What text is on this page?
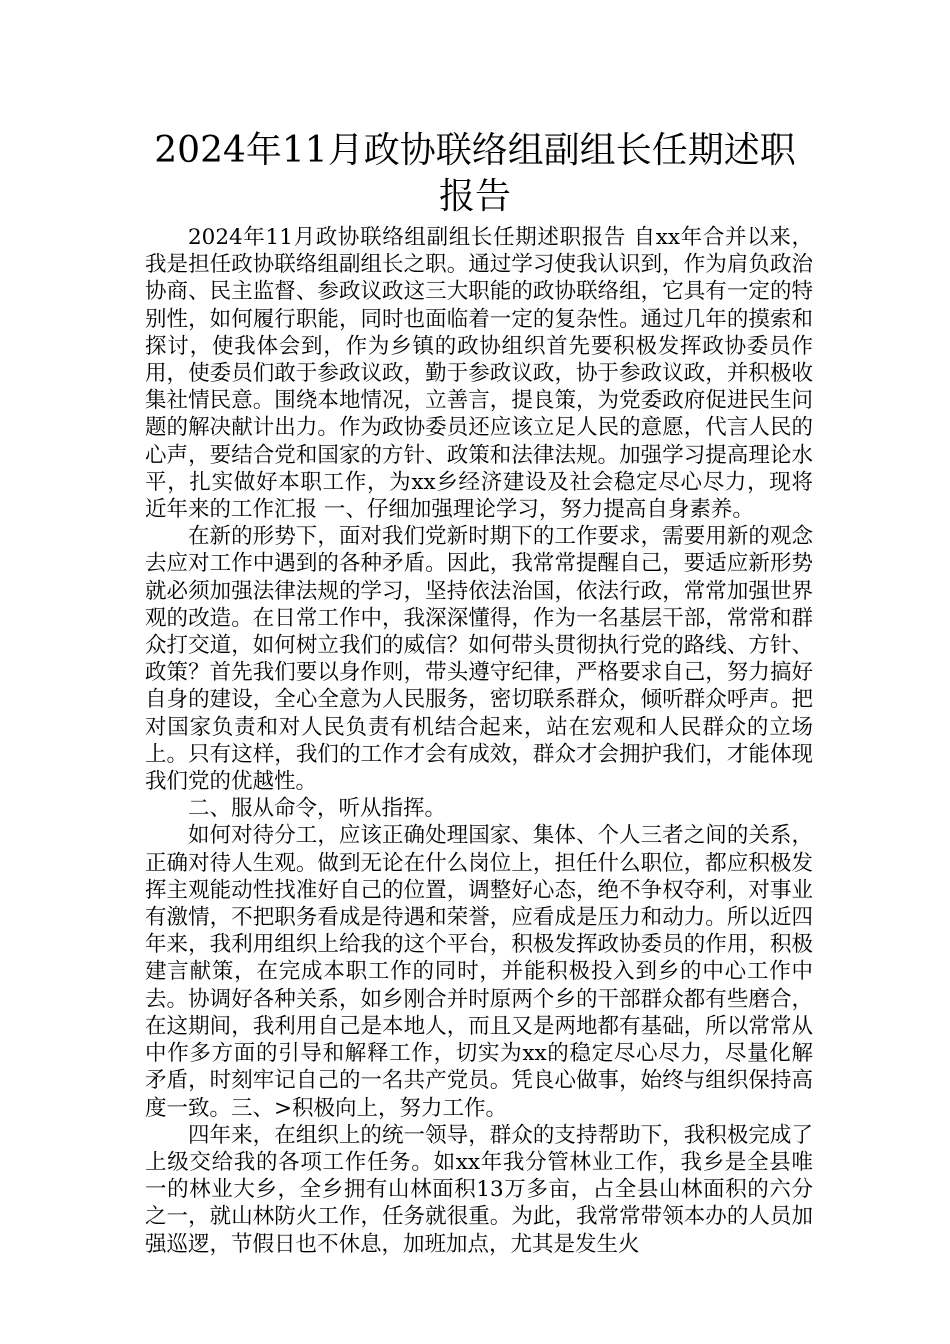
2024年11月政协联络组副组长任期述职报告

2024年11月政协联络组副组长任期述职报告 自xx年合并以来，我是担任政协联络组副组长之职。通过学习使我认识到，作为肩负政治协商、民主监督、参政议政这三大职能的政协联络组，它具有一定的特别性，如何履行职能，同时也面临着一定的复杂性。通过几年的摸索和探讨，使我体会到，作为乡镇的政协组织首先要积极发挥政协委员作用，使委员们敢于参政议政，勤于参政议政，协于参政议政，并积极收集社情民意。围绕本地情况，立善言，提良策，为党委政府促进民生问题的解决献计出力。作为政协委员还应该立足人民的意愿，代言人民的心声，要结合党和国家的方针、政策和法律法规。加强学习提高理论水平，扎实做好本职工作，为xx乡经济建设及社会稳定尽心尽力，现将近年来的工作汇报 一、仔细加强理论学习，努力提高自身素养。

在新的形势下，面对我们党新时期下的工作要求，需要用新的观念去应对工作中遇到的各种矛盾。因此，我常常提醒自己，要适应新形势就必须加强法律法规的学习，坚持依法治国，依法行政，常常加强世界观的改造。在日常工作中，我深深懂得，作为一名基层干部，常常和群众打交道，如何树立我们的威信？如何带头贯彻执行党的路线、方针、政策？首先我们要以身作则，带头遵守纪律，严格要求自己，努力搞好自身的建设，全心全意为人民服务，密切联系群众，倾听群众呼声。把对国家负责和对人民负责有机结合起来，站在宏观和人民群众的立场上。只有这样，我们的工作才会有成效，群众才会拥护我们，才能体现我们党的优越性。

二、服从命令，听从指挥。

如何对待分工，应该正确处理国家、集体、个人三者之间的关系，正确对待人生观。做到无论在什么岗位上，担任什么职位，都应积极发挥主观能动性找准好自己的位置，调整好心态，绝不争权夺利，对事业有激情，不把职务看成是待遇和荣誉，应看成是压力和动力。所以近四年来，我利用组织上给我的这个平台，积极发挥政协委员的作用，积极建言献策，在完成本职工作的同时，并能积极投入到乡的中心工作中去。协调好各种关系，如乡刚合并时原两个乡的干部群众都有些磨合，在这期间，我利用自己是本地人，而且又是两地都有基础，所以常常从中作多方面的引导和解释工作，切实为xx的稳定尽心尽力，尽量化解矛盾，时刻牢记自己的一名共产党员。凭良心做事，始终与组织保持高度一致。三、>积极向上，努力工作。

四年来，在组织上的统一领导，群众的支持帮助下，我积极完成了上级交给我的各项工作任务。如xx年我分管林业工作，我乡是全县唯一的林业大乡，全乡拥有山林面积13万多亩，占全县山林面积的六分之一，就山林防火工作，任务就很重。为此，我常常带领本办的人员加强巡逻，节假日也不休息，加班加点，尤其是发生火
